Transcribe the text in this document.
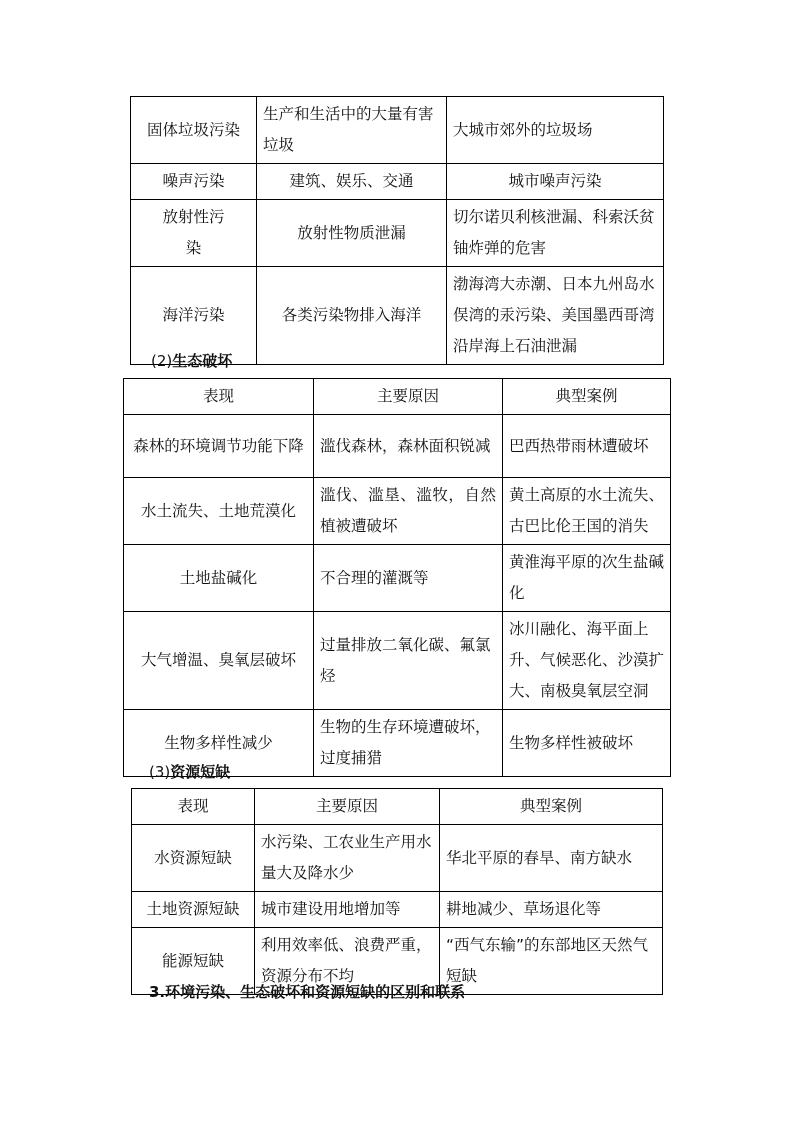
固体垃圾污染	生产和生活中的大量有害垃圾	大城市郊外的垃圾场
噪声污染	建筑、娱乐、交通	城市噪声污染
放射性污染	放射性物质泄漏	切尔诺贝利核泄漏、科索沃贫铀炸弹的危害
海洋污染	各类污染物排入海洋	渤海湾大赤潮、日本九州岛水俣湾的汞污染、美国墨西哥湾沿岸海上石油泄漏
(2)生态破坏
表现	主要原因	典型案例
森林的环境调节功能下降	滥伐森林，森林面积锐减	巴西热带雨林遭破坏
水土流失、土地荒漠化	滥伐、滥垦、滥牧，自然植被遭破坏	黄土高原的水土流失、古巴比伦王国的消失
土地盐碱化	不合理的灌溉等	黄淮海平原的次生盐碱化
大气增温、臭氧层破坏	过量排放二氧化碳、氟氯烃	冰川融化、海平面上升、气候恶化、沙漠扩大、南极臭氧层空洞
生物多样性减少	生物的生存环境遭破坏，过度捕猎	生物多样性被破坏
(3)资源短缺
表现	主要原因	典型案例
水资源短缺	水污染、工农业生产用水量大及降水少	华北平原的春旱、南方缺水
土地资源短缺	城市建设用地增加等	耕地减少、草场退化等
能源短缺	利用效率低、浪费严重，资源分布不均	“西气东输”的东部地区天然气短缺
3.环境污染、生态破坏和资源短缺的区别和联系
